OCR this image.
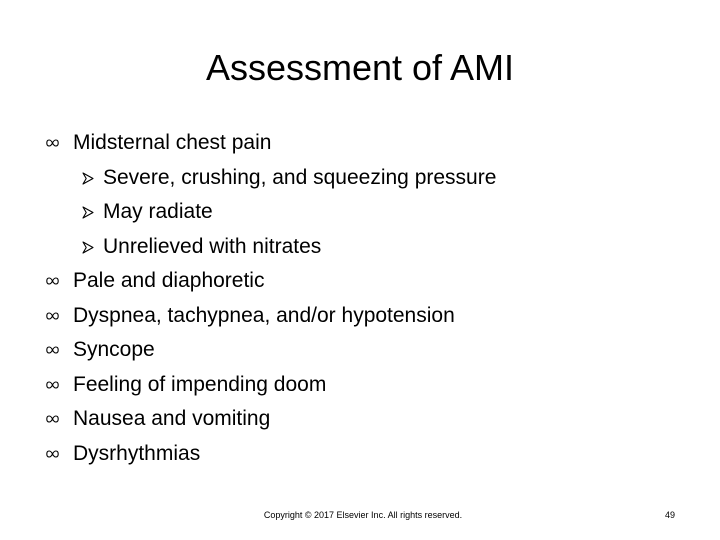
Assessment of AMI
Midsternal chest pain
Severe, crushing, and squeezing pressure
May radiate
Unrelieved with nitrates
Pale and diaphoretic
Dyspnea, tachypnea, and/or hypotension
Syncope
Feeling of impending doom
Nausea and vomiting
Dysrhythmias
Copyright © 2017 Elsevier Inc. All rights reserved.	49
